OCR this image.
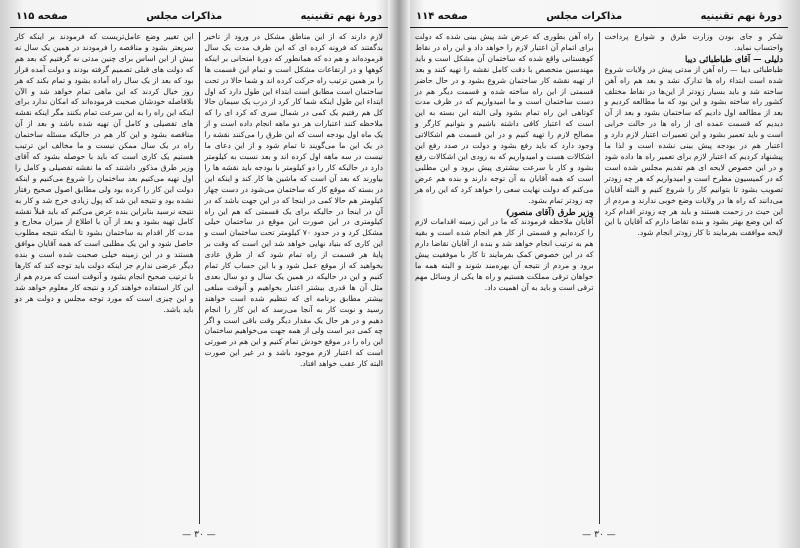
دورهٔ نهم تقنینیه
مذاکرات مجلس
صفحه ۱۱۵

لازم دارند که از این مناطق مشکل در ورود از تاخیر بدگفتند که فرونه کرده ای که این ظرف مدت یک سال قرموده‌اند و هم ده که همانطور که دورهٔ امتحانی بر اینکه کوهها و در ارتفاعات مشکل است و تمام این قسمت ها را بر همین ترتیب راه حرکت کرده اند و شما حالا در تحت ساختمان است مطابق است ابتداء این طول دارد که اول ابتداء این طول اینکه شما کار کرد از درب یک سیمان حالا کل هم رفتیم یک کمی در شمال سری که کرد ای را که ملاحظه کنند اعتبارات هر دو ماهه انجام داده است و از یک ماه اول بودجه است که این طرق را می‌کنند نقشه را در یک این ما می‌گویند تا تمام شود و از این دعای ما نیست در سه ماهه اول کرده اند و بعد نسبت به کیلومتر دارد در حالیکه کار را دو کیلومتر با بودجه باید نقشه ها را بیاورند که بعد آن است که ماشین ها کار کند و اینکه این در بسته که موقع کار که ساختمان می‌شود در دست چهار کیلومتر هم حالا کمی در اینجا که در این جهت باشد که در آن در اینجا در حالیکه برای یک قسمتی که هم این راه کیلومتری در این صورت این موقع در ساختمان خیلی مشکل کرد و در حدود ۷۰ کیلومتر تحت ساختمان است و این کاری که بنیاد نهایی خواهد شد این است که وقت بر پایهٔ هر قسمت از راه تمام شود که از طرق عادی بخواهید که از موقع عمل شود و با این حساب کار تمام کنیم و این در حالیکه در همین یک سال و دو سال بعدی مثل آن ها قدری بیشتر اعتبار بخواهیم و آنوقت مبلغی بیشتر مطابق برنامه ای که تنظیم شده است خواهند رسید و نوبت کار به آنجا می‌رسد که این کار را انجام دهیم و در هر حال یک مقدار دیگر وقت باقی است و اگر چه کمی دیر است ولی از همه جهت می‌خواهیم ساختمان این راه را در موقع خودش تمام کنیم و این هم در صورتی است که اعتبار لازم موجود باشد و در غیر این صورت البته کار عقب خواهد افتاد.

این تغییر وضع عامل‌تریست که فرمودند بر اینکه کار سریعتر بشود و مناقصه را فرمودند در همین یک سال نه بیش از این اساس برای چنین مدتی نه گرفتیم که بعد هم که دولت های قبلی تصمیم گرفته بودند و دولت آمده قرار بود که بعد از یک سال راه آماده بشود و تمام بکند که هر روز خیال کردند که این ماهی تمام خواهد شد و الآن بلافاصله خودشان صحبت فرموده‌اند که امکان ندارد برای اینکه این راه را به این سرعت تمام بکنند مگر اینکه نقشه های تفصیلی و کامل آن تهیه شده باشد و بعد از آن مناقصه بشود و این کار هم در حالیکه مسئله ساختمان راه در یک سال ممکن نیست و ما مخالف این ترتیب هستیم یک کاری است که باید با حوصله بشود که آقای وزیر طرق مذکور داشتند که ما نقشه تفصیلی و کامل را اول تهیه می‌کنیم بعد ساختمان را شروع می‌کنیم و اینکه دولت این کار را کرده بود ولی مطابق اصول صحیح رفتار نشده بود و نتیجه این شد که پول زیادی خرج شد و کار به نتیجه نرسید بنابراین بنده عرض می‌کنم که باید قبلاً نقشه کامل تهیه بشود و بعد از آن با اطلاع از میزان مخارج و مدت کار اقدام به ساختمان بشود تا اینکه نتیجه مطلوب حاصل شود و این یک مطلبی است که همه آقایان موافق هستند و در این زمینه خیلی صحبت شده است و بنده دیگر عرضی ندارم جز اینکه دولت باید توجه کند که کارها با ترتیب صحیح انجام بشود و آنوقت است که مردم هم از این کار استفاده خواهند کرد و نتیجه کار معلوم خواهد شد و این چیزی است که مورد توجه مجلس و دولت هر دو باید باشد.

— ۳۰ —
دورهٔ نهم تقنینیه
مذاکرات مجلس
صفحه ۱۱۴

شکر و جای بودن وزارت طرق و شوارع پرداخت واحتساب نماید.

دلیلی — آقای طباطبائی دیبا

طباطبائی دیبا — راه آهن از مدتی پیش در ولایات شروع شده است ابتداء راه ها تدارک نشد و بعد هم راه آهن ساخته شد و باید بسیار زودتر از این‌ها در نقاط مختلف کشور راه ساخته بشود و این بود که ما مطالعه کردیم و بعد از مطالعه اول دادیم که ساختمان بشود و بعد از آن دیدیم که قسمت عمده ای از راه ها در حالت خرابی است و باید تعمیر بشود و این تعمیرات اعتبار لازم دارد و اعتبار هم در بودجه پیش بینی نشده است و لذا ما پیشنهاد کردیم که اعتبار لازم برای تعمیر راه ها داده شود و در این خصوص لایحه ای هم تقدیم مجلس شده است که در کمیسیون مطرح است و امیدواریم که هر چه زودتر تصویب بشود تا بتوانیم کار را شروع کنیم و البته آقایان می‌دانند که راه ها در ولایات وضع خوبی ندارند و مردم از این حیث در زحمت هستند و باید هر چه زودتر اقدام کرد که این وضع بهتر بشود و بنده تقاضا دارم که آقایان با این لایحه موافقت بفرمایند تا کار زودتر انجام شود.

راه آهن بطوری که عرض شد پیش بینی شده که دولت برای اتمام آن اعتبار لازم را خواهد داد و این راه در نقاط کوهستانی واقع شده که ساختمان آن مشکل است و باید مهندسین متخصص با دقت کامل نقشه را تهیه کنند و بعد از تهیه نقشه کار ساختمان شروع بشود و در حال حاضر قسمتی از این راه ساخته شده و قسمت دیگر هم در دست ساختمان است و ما امیدواریم که در ظرف مدت کوتاهی این راه تمام بشود ولی البته این بسته به این است که اعتبار کافی داشته باشیم و بتوانیم کارگر و مصالح لازم را تهیه کنیم و در این قسمت هم اشکالاتی وجود دارد که باید رفع بشود و دولت در صدد رفع این اشکالات هست و امیدواریم که به زودی این اشکالات رفع بشود و کار با سرعت بیشتری پیش برود و این مطلبی است که همه آقایان به آن توجه دارند و بنده هم عرض می‌کنم که دولت نهایت سعی را خواهد کرد که این راه هر چه زودتر تمام بشود.

وزیر طرق (آقای منصور)

آقایان ملاحظه فرمودند که ما در این زمینه اقدامات لازم را کرده‌ایم و قسمتی از کار هم انجام شده است و بقیه هم به ترتیب انجام خواهد شد و بنده از آقایان تقاضا دارم که در این خصوص کمک بفرمایند تا کار با موفقیت پیش برود و مردم از نتیجه آن بهره‌مند شوند و البته همه ما خواهان ترقی مملکت هستیم و راه ها یکی از وسائل مهم ترقی است و باید به آن اهمیت داد.

— ۳۰ —
